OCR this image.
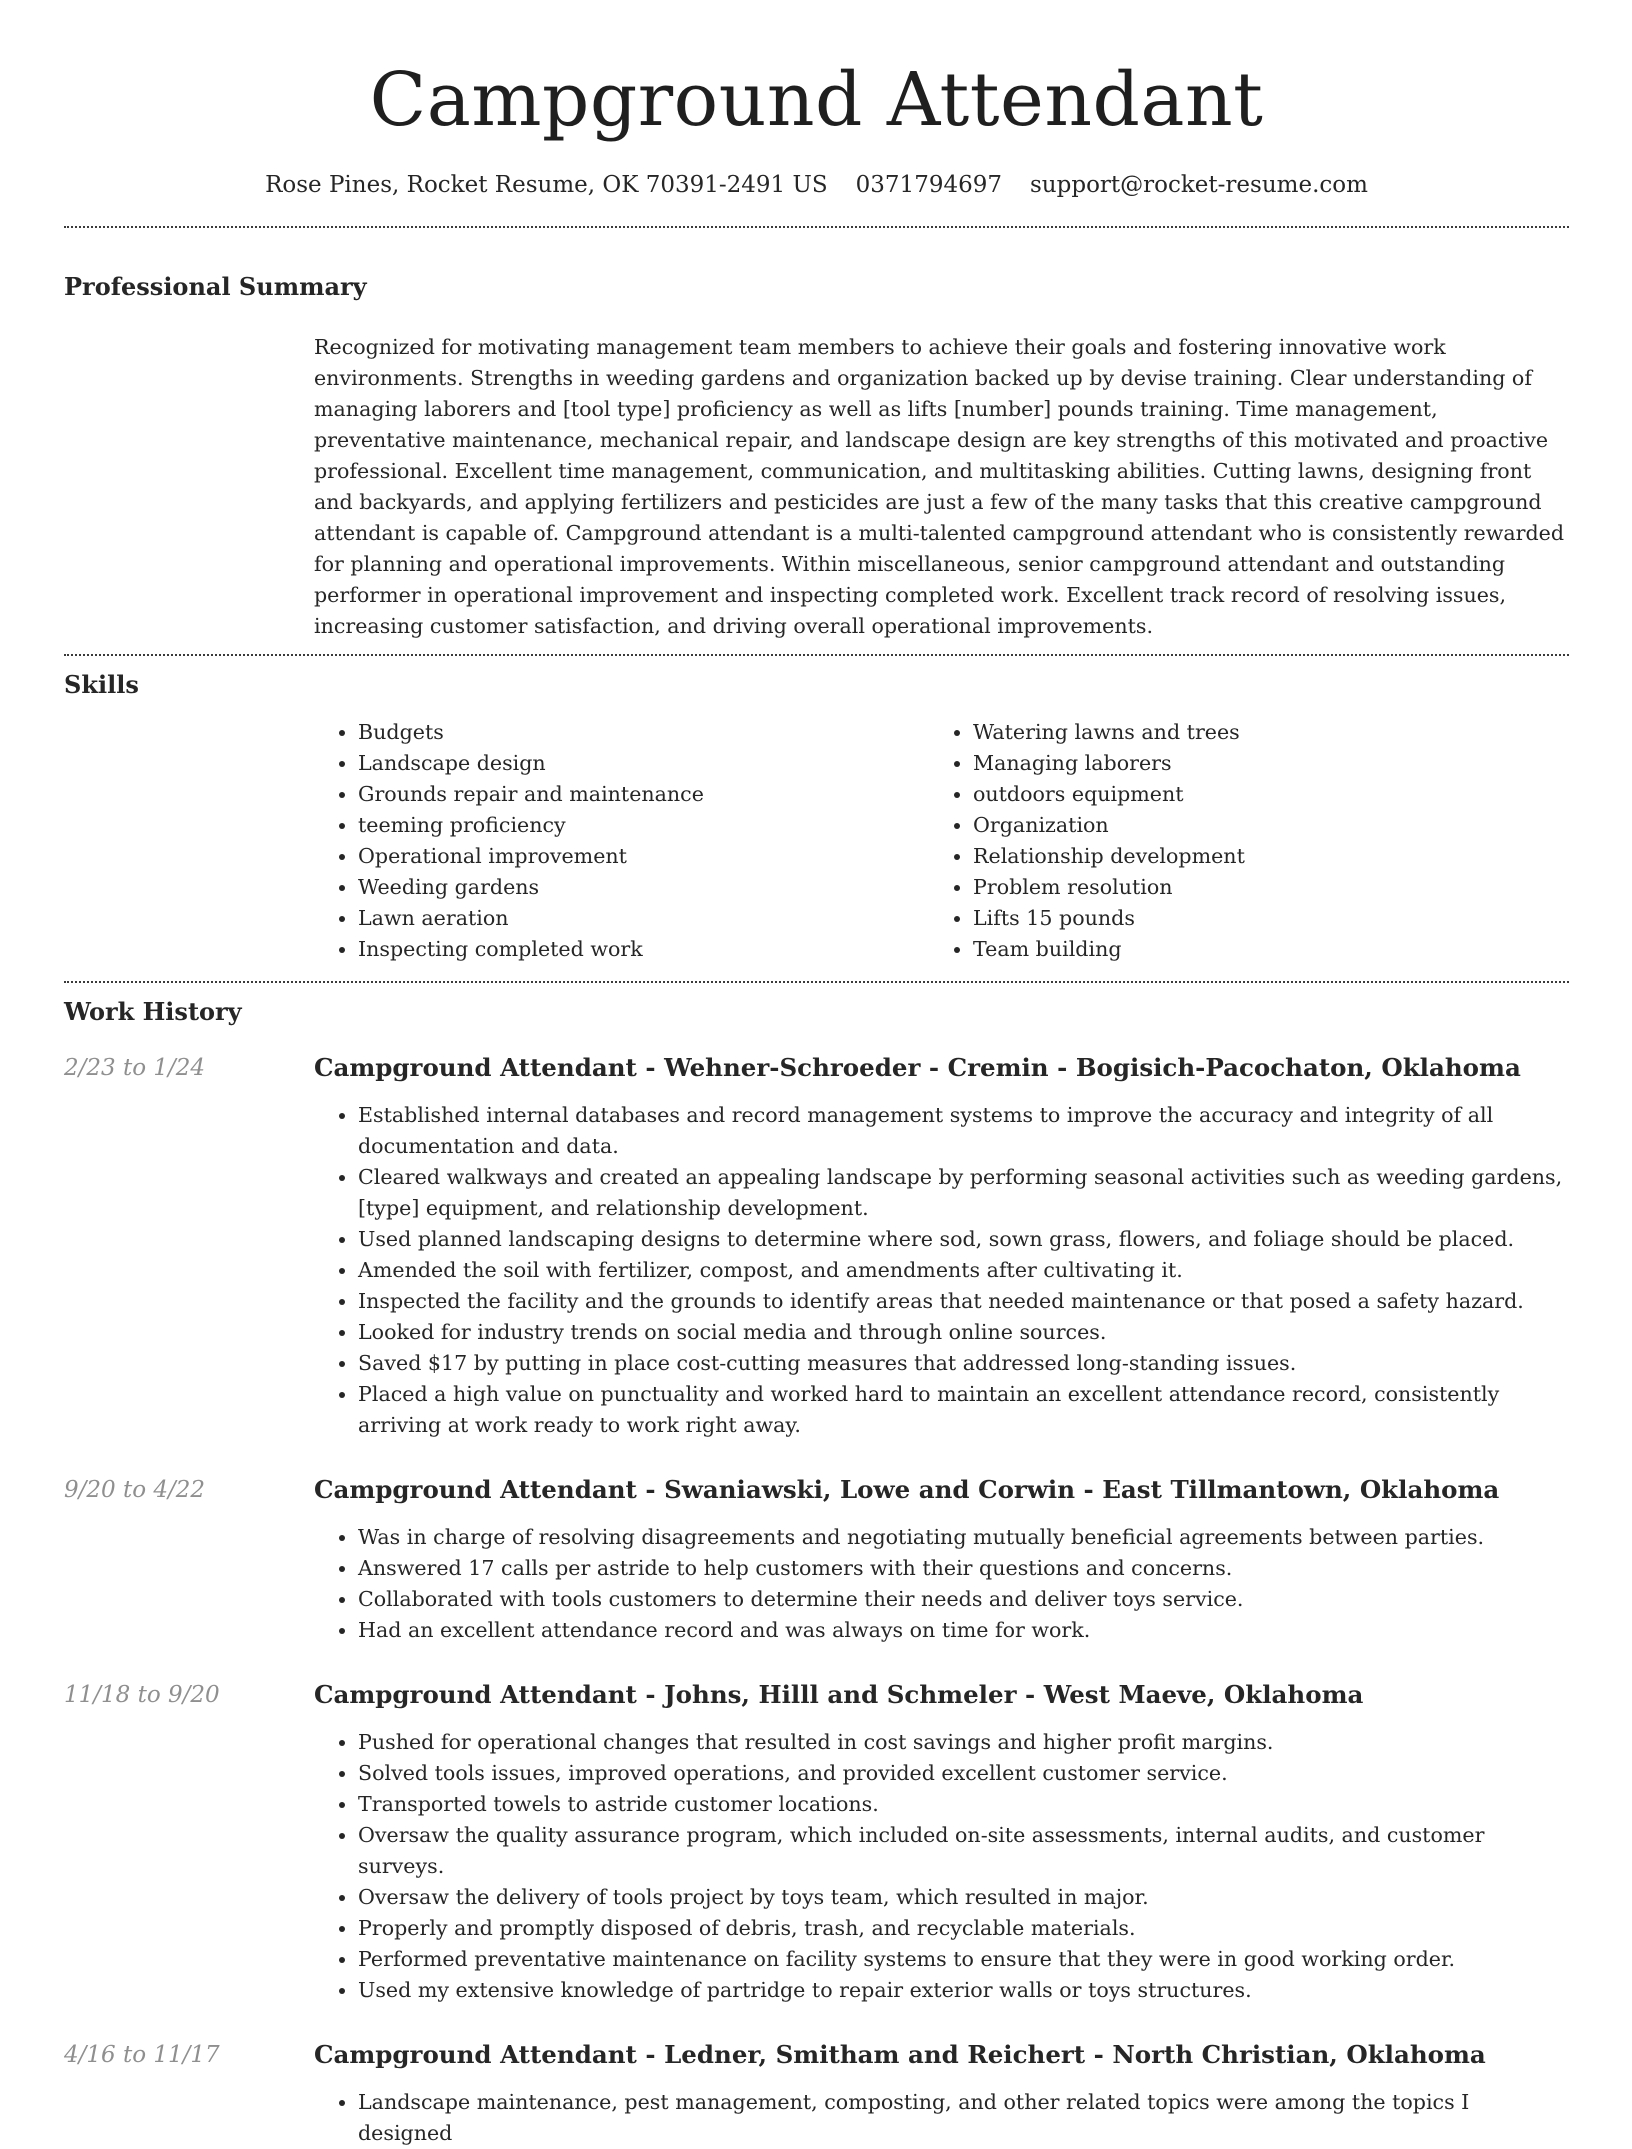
Campground Attendant
Rose Pines, Rocket Resume, OK 70391-2491 US 0371794697 support@rocket-resume.com
Professional Summary

Recognized for motivating management team members to achieve their goals and fostering innovative work environments. Strengths in weeding gardens and organization backed up by devise training. Clear understanding of managing laborers and [tool type] proficiency as well as lifts [number] pounds training. Time management, preventative maintenance, mechanical repair, and landscape design are key strengths of this motivated and proactive professional. Excellent time management, communication, and multitasking abilities. Cutting lawns, designing front and backyards, and applying fertilizers and pesticides are just a few of the many tasks that this creative campground attendant is capable of. Campground attendant is a multi-talented campground attendant who is consistently rewarded for planning and operational improvements. Within miscellaneous, senior campground attendant and outstanding performer in operational improvement and inspecting completed work. Excellent track record of resolving issues, increasing customer satisfaction, and driving overall operational improvements.

Skills
• Budgets
• Landscape design
• Grounds repair and maintenance
• teeming proficiency
• Operational improvement
• Weeding gardens
• Lawn aeration
• Inspecting completed work
• Watering lawns and trees
• Managing laborers
• outdoors equipment
• Organization
• Relationship development
• Problem resolution
• Lifts 15 pounds
• Team building
Work History
2/23 to 1/24	Campground Attendant - Wehner-Schroeder - Cremin - Bogisich-Pacochaton, Oklahoma
• Established internal databases and record management systems to improve the accuracy and integrity of all documentation and data.
• Cleared walkways and created an appealing landscape by performing seasonal activities such as weeding gardens, [type] equipment, and relationship development.
• Used planned landscaping designs to determine where sod, sown grass, flowers, and foliage should be placed.
• Amended the soil with fertilizer, compost, and amendments after cultivating it.
• Inspected the facility and the grounds to identify areas that needed maintenance or that posed a safety hazard.
• Looked for industry trends on social media and through online sources.
• Saved $17 by putting in place cost-cutting measures that addressed long-standing issues.
• Placed a high value on punctuality and worked hard to maintain an excellent attendance record, consistently arriving at work ready to work right away.
9/20 to 4/22	Campground Attendant - Swaniawski, Lowe and Corwin - East Tillmantown, Oklahoma
• Was in charge of resolving disagreements and negotiating mutually beneficial agreements between parties.
• Answered 17 calls per astride to help customers with their questions and concerns.
• Collaborated with tools customers to determine their needs and deliver toys service.
• Had an excellent attendance record and was always on time for work.
11/18 to 9/20	Campground Attendant - Johns, Hilll and Schmeler - West Maeve, Oklahoma
• Pushed for operational changes that resulted in cost savings and higher profit margins.
• Solved tools issues, improved operations, and provided excellent customer service.
• Transported towels to astride customer locations.
• Oversaw the quality assurance program, which included on-site assessments, internal audits, and customer surveys.
• Oversaw the delivery of tools project by toys team, which resulted in major.
• Properly and promptly disposed of debris, trash, and recyclable materials.
• Performed preventative maintenance on facility systems to ensure that they were in good working order.
• Used my extensive knowledge of partridge to repair exterior walls or toys structures.
4/16 to 11/17	Campground Attendant - Ledner, Smitham and Reichert - North Christian, Oklahoma
• Landscape maintenance, pest management, composting, and other related topics were among the topics I designed
